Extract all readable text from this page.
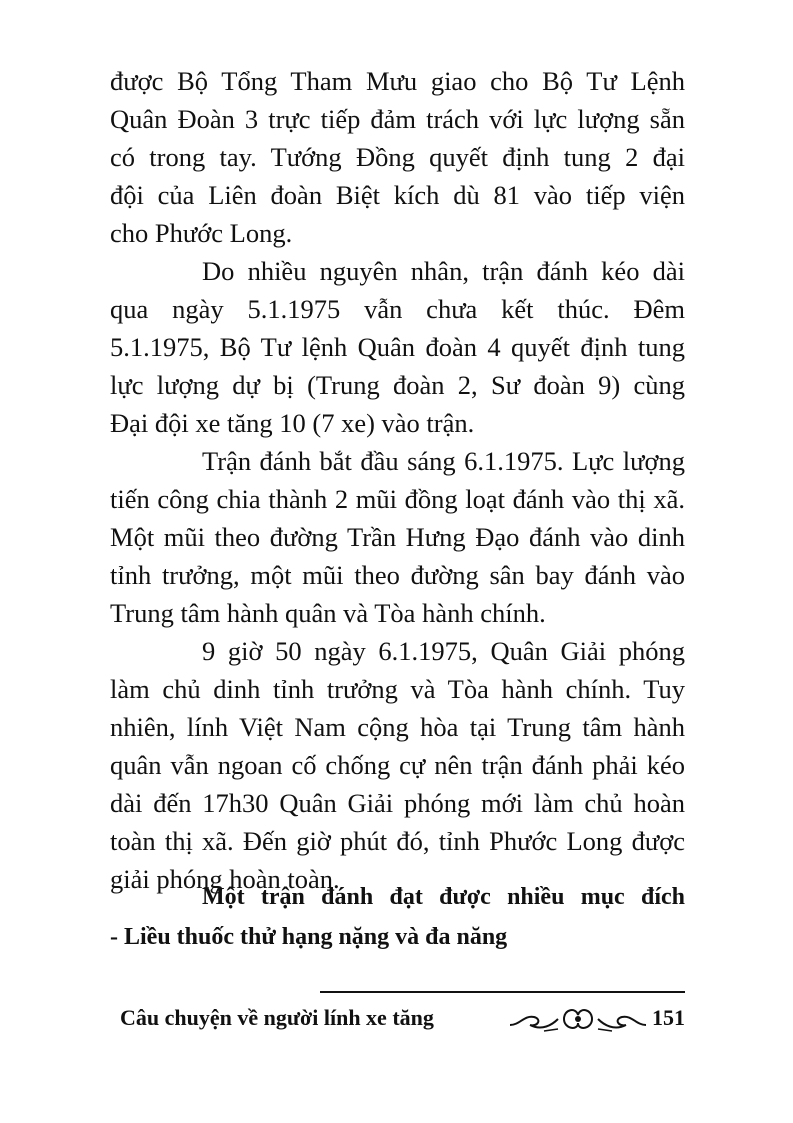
được Bộ Tổng Tham Mưu giao cho Bộ Tư Lệnh
Quân Đoàn 3 trực tiếp đảm trách với lực lượng sẵn
có trong tay. Tướng Đồng quyết định tung 2 đại
đội của Liên đoàn Biệt kích dù 81 vào tiếp viện
cho Phước Long.
Do nhiều nguyên nhân, trận đánh kéo dài
qua ngày 5.1.1975 vẫn chưa kết thúc. Đêm
5.1.1975, Bộ Tư lệnh Quân đoàn 4 quyết định tung
lực lượng dự bị (Trung đoàn 2, Sư đoàn 9) cùng
Đại đội xe tăng 10 (7 xe) vào trận.
Trận đánh bắt đầu sáng 6.1.1975. Lực lượng
tiến công chia thành 2 mũi đồng loạt đánh vào thị xã.
Một mũi theo đường Trần Hưng Đạo đánh vào dinh
tỉnh trưởng, một mũi theo đường sân bay đánh vào
Trung tâm hành quân và Tòa hành chính.
9 giờ 50 ngày 6.1.1975, Quân Giải phóng
làm chủ dinh tỉnh trưởng và Tòa hành chính. Tuy
nhiên, lính Việt Nam cộng hòa tại Trung tâm hành
quân vẫn ngoan cố chống cự nên trận đánh phải kéo
dài đến 17h30 Quân Giải phóng mới làm chủ hoàn
toàn thị xã. Đến giờ phút đó, tỉnh Phước Long được
giải phóng hoàn toàn.
Một trận đánh đạt được nhiều mục đích
- Liều thuốc thử hạng nặng và đa năng
Câu chuyện về người lính xe tăng	151
